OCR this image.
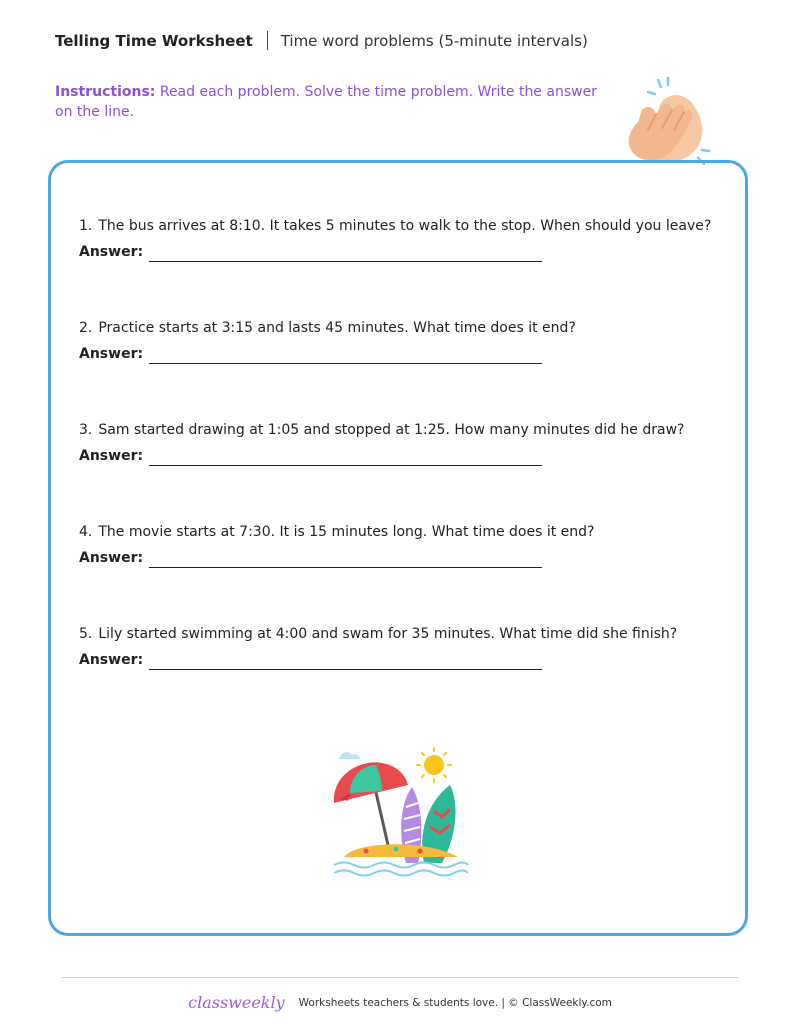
Telling Time Worksheet Time word problems (5-minute intervals)
Instructions: Read each problem. Solve the time problem. Write the answer on the line.
1. The bus arrives at 8:10. It takes 5 minutes to walk to the stop. When should you leave?
Answer:
2. Practice starts at 3:15 and lasts 45 minutes. What time does it end?
Answer:
3. Sam started drawing at 1:05 and stopped at 1:25. How many minutes did he draw?
Answer:
4. The movie starts at 7:30. It is 15 minutes long. What time does it end?
Answer:
5. Lily started swimming at 4:00 and swam for 35 minutes. What time did she finish?
Answer:
classweekly Worksheets teachers & students love. | © ClassWeekly.com
